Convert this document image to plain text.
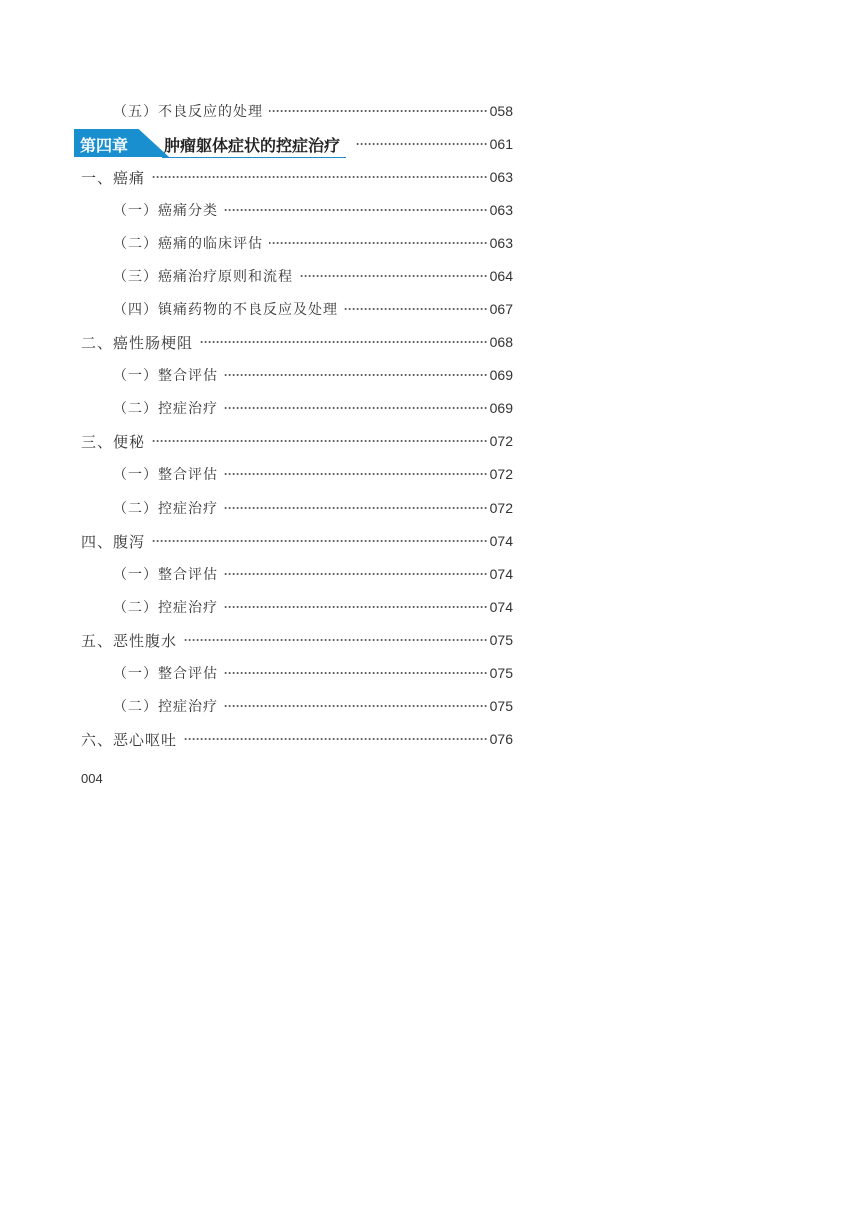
（五）不良反应的处理	058
第四章 肿瘤躯体症状的控症治疗	061
一、癌痛	063
（一）癌痛分类	063
（二）癌痛的临床评估	063
（三）癌痛治疗原则和流程	064
（四）镇痛药物的不良反应及处理	067
二、癌性肠梗阻	068
（一）整合评估	069
（二）控症治疗	069
三、便秘	072
（一）整合评估	072
（二）控症治疗	072
四、腹泻	074
（一）整合评估	074
（二）控症治疗	074
五、恶性腹水	075
（一）整合评估	075
（二）控症治疗	075
六、恶心呕吐	076
004
